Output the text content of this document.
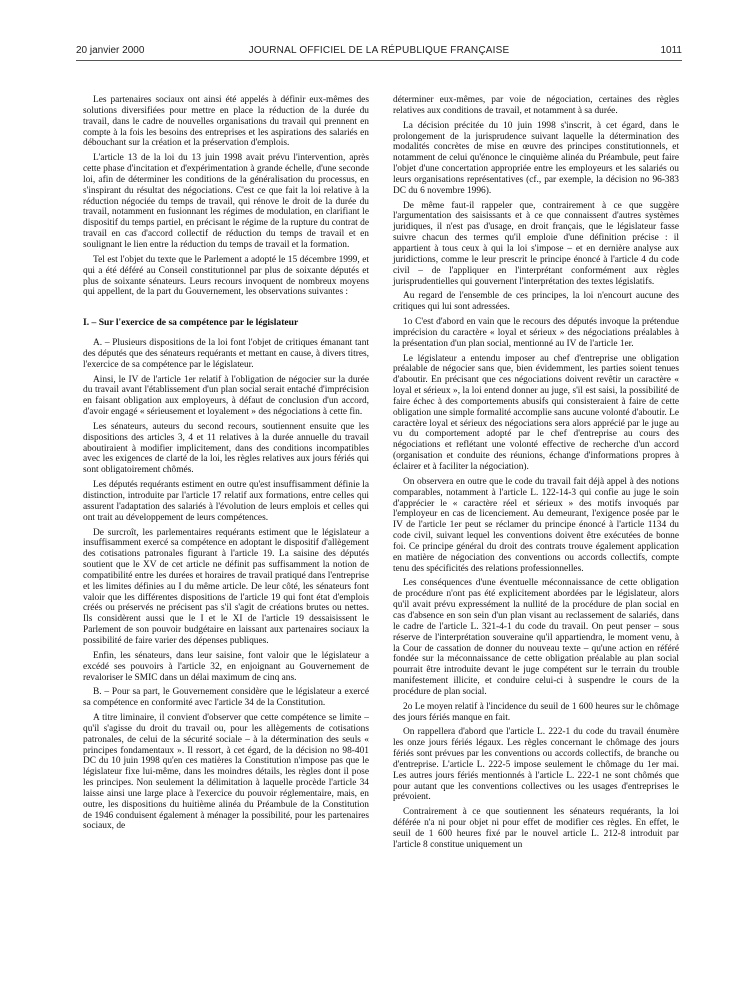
20 janvier 2000	JOURNAL OFFICIEL DE LA RÉPUBLIQUE FRANÇAISE	1011

Les partenaires sociaux ont ainsi été appelés à définir eux-mêmes des solutions diversifiées pour mettre en place la réduction de la durée du travail, dans le cadre de nouvelles organisations du travail qui prennent en compte à la fois les besoins des entreprises et les aspirations des salariés en débouchant sur la création et la préservation d'emplois.

L'article 13 de la loi du 13 juin 1998 avait prévu l'intervention, après cette phase d'incitation et d'expérimentation à grande échelle, d'une seconde loi, afin de déterminer les conditions de la généralisation du processus, en s'inspirant du résultat des négociations. C'est ce que fait la loi relative à la réduction négociée du temps de travail, qui rénove le droit de la durée du travail, notamment en fusionnant les régimes de modulation, en clarifiant le dispositif du temps partiel, en précisant le régime de la rupture du contrat de travail en cas d'accord collectif de réduction du temps de travail et en soulignant le lien entre la réduction du temps de travail et la formation.

Tel est l'objet du texte que le Parlement a adopté le 15 décembre 1999, et qui a été déféré au Conseil constitutionnel par plus de soixante députés et plus de soixante sénateurs. Leurs recours invoquent de nombreux moyens qui appellent, de la part du Gouvernement, les observations suivantes :

I. – Sur l'exercice de sa compétence par le législateur

A. – Plusieurs dispositions de la loi font l'objet de critiques émanant tant des députés que des sénateurs requérants et mettant en cause, à divers titres, l'exercice de sa compétence par le législateur.

Ainsi, le IV de l'article 1er relatif à l'obligation de négocier sur la durée du travail avant l'établissement d'un plan social serait entaché d'imprécision en faisant obligation aux employeurs, à défaut de conclusion d'un accord, d'avoir engagé « sérieusement et loyalement » des négociations à cette fin.

Les sénateurs, auteurs du second recours, soutiennent ensuite que les dispositions des articles 3, 4 et 11 relatives à la durée annuelle du travail aboutiraient à modifier implicitement, dans des conditions incompatibles avec les exigences de clarté de la loi, les règles relatives aux jours fériés qui sont obligatoirement chômés.

Les députés requérants estiment en outre qu'est insuffisamment définie la distinction, introduite par l'article 17 relatif aux formations, entre celles qui assurent l'adaptation des salariés à l'évolution de leurs emplois et celles qui ont trait au développement de leurs compétences.

De surcroît, les parlementaires requérants estiment que le législateur a insuffisamment exercé sa compétence en adoptant le dispositif d'allègement des cotisations patronales figurant à l'article 19. La saisine des députés soutient que le XV de cet article ne définit pas suffisamment la notion de compatibilité entre les durées et horaires de travail pratiqué dans l'entreprise et les limites définies au I du même article. De leur côté, les sénateurs font valoir que les différentes dispositions de l'article 19 qui font état d'emplois créés ou préservés ne précisent pas s'il s'agit de créations brutes ou nettes. Ils considèrent aussi que le I et le XI de l'article 19 dessaisissent le Parlement de son pouvoir budgétaire en laissant aux partenaires sociaux la possibilité de faire varier des dépenses publiques.

Enfin, les sénateurs, dans leur saisine, font valoir que le législateur a excédé ses pouvoirs à l'article 32, en enjoignant au Gouvernement de revaloriser le SMIC dans un délai maximum de cinq ans.

B. – Pour sa part, le Gouvernement considère que le législateur a exercé sa compétence en conformité avec l'article 34 de la Constitution.

A titre liminaire, il convient d'observer que cette compétence se limite – qu'il s'agisse du droit du travail ou, pour les allègements de cotisations patronales, de celui de la sécurité sociale – à la détermination des seuls « principes fondamentaux ». Il ressort, à cet égard, de la décision no 98-401 DC du 10 juin 1998 qu'en ces matières la Constitution n'impose pas que le législateur fixe lui-même, dans les moindres détails, les règles dont il pose les principes. Non seulement la délimitation à laquelle procède l'article 34 laisse ainsi une large place à l'exercice du pouvoir réglementaire, mais, en outre, les dispositions du huitième alinéa du Préambule de la Constitution de 1946 conduisent également à ménager la possibilité, pour les partenaires sociaux, de

déterminer eux-mêmes, par voie de négociation, certaines des règles relatives aux conditions de travail, et notamment à sa durée.

La décision précitée du 10 juin 1998 s'inscrit, à cet égard, dans le prolongement de la jurisprudence suivant laquelle la détermination des modalités concrètes de mise en œuvre des principes constitutionnels, et notamment de celui qu'énonce le cinquième alinéa du Préambule, peut faire l'objet d'une concertation appropriée entre les employeurs et les salariés ou leurs organisations représentatives (cf., par exemple, la décision no 96-383 DC du 6 novembre 1996).

De même faut-il rappeler que, contrairement à ce que suggère l'argumentation des saisissants et à ce que connaissent d'autres systèmes juridiques, il n'est pas d'usage, en droit français, que le législateur fasse suivre chacun des termes qu'il emploie d'une définition précise : il appartient à tous ceux à qui la loi s'impose – et en dernière analyse aux juridictions, comme le leur prescrit le principe énoncé à l'article 4 du code civil – de l'appliquer en l'interprétant conformément aux règles jurisprudentielles qui gouvernent l'interprétation des textes législatifs.

Au regard de l'ensemble de ces principes, la loi n'encourt aucune des critiques qui lui sont adressées.

1o C'est d'abord en vain que le recours des députés invoque la prétendue imprécision du caractère « loyal et sérieux » des négociations préalables à la présentation d'un plan social, mentionné au IV de l'article 1er.

Le législateur a entendu imposer au chef d'entreprise une obligation préalable de négocier sans que, bien évidemment, les parties soient tenues d'aboutir. En précisant que ces négociations doivent revêtir un caractère « loyal et sérieux », la loi entend donner au juge, s'il est saisi, la possibilité de faire échec à des comportements abusifs qui consisteraient à faire de cette obligation une simple formalité accomplie sans aucune volonté d'aboutir. Le caractère loyal et sérieux des négociations sera alors apprécié par le juge au vu du comportement adopté par le chef d'entreprise au cours des négociations et reflétant une volonté effective de recherche d'un accord (organisation et conduite des réunions, échange d'informations propres à éclairer et à faciliter la négociation).

On observera en outre que le code du travail fait déjà appel à des notions comparables, notamment à l'article L. 122-14-3 qui confie au juge le soin d'apprécier le « caractère réel et sérieux » des motifs invoqués par l'employeur en cas de licenciement. Au demeurant, l'exigence posée par le IV de l'article 1er peut se réclamer du principe énoncé à l'article 1134 du code civil, suivant lequel les conventions doivent être exécutées de bonne foi. Ce principe général du droit des contrats trouve également application en matière de négociation des conventions ou accords collectifs, compte tenu des spécificités des relations professionnelles.

Les conséquences d'une éventuelle méconnaissance de cette obligation de procédure n'ont pas été explicitement abordées par le législateur, alors qu'il avait prévu expressément la nullité de la procédure de plan social en cas d'absence en son sein d'un plan visant au reclassement de salariés, dans le cadre de l'article L. 321-4-1 du code du travail. On peut penser – sous réserve de l'interprétation souveraine qu'il appartiendra, le moment venu, à la Cour de cassation de donner du nouveau texte – qu'une action en référé fondée sur la méconnaissance de cette obligation préalable au plan social pourrait être introduite devant le juge compétent sur le terrain du trouble manifestement illicite, et conduire celui-ci à suspendre le cours de la procédure de plan social.

2o Le moyen relatif à l'incidence du seuil de 1 600 heures sur le chômage des jours fériés manque en fait.

On rappellera d'abord que l'article L. 222-1 du code du travail énumère les onze jours fériés légaux. Les règles concernant le chômage des jours fériés sont prévues par les conventions ou accords collectifs, de branche ou d'entreprise. L'article L. 222-5 impose seulement le chômage du 1er mai. Les autres jours fériés mentionnés à l'article L. 222-1 ne sont chômés que pour autant que les conventions collectives ou les usages d'entreprises le prévoient.

Contrairement à ce que soutiennent les sénateurs requérants, la loi déférée n'a ni pour objet ni pour effet de modifier ces règles. En effet, le seuil de 1 600 heures fixé par le nouvel article L. 212-8 introduit par l'article 8 constitue uniquement un
